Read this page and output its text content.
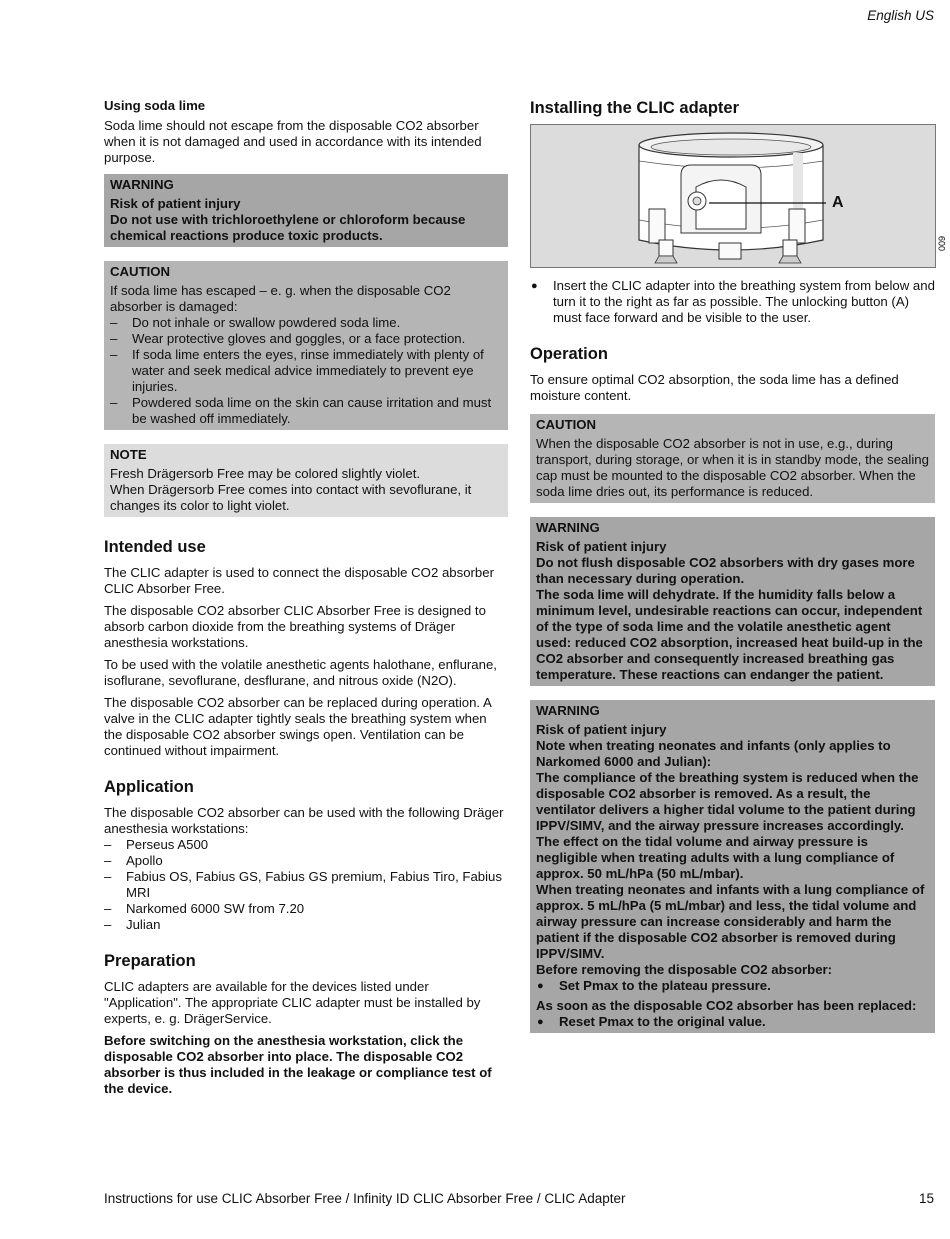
English US
Using soda lime

Soda lime should not escape from the disposable CO2 absorber when it is not damaged and used in accordance with its intended purpose.

WARNING
Risk of patient injury
Do not use with trichloroethylene or chloroform because chemical reactions produce toxic products.
CAUTION
If soda lime has escaped – e. g. when the disposable CO2 absorber is damaged:
– Do not inhale or swallow powdered soda lime.
– Wear protective gloves and goggles, or a face protection.
– If soda lime enters the eyes, rinse immediately with plenty of water and seek medical advice immediately to prevent eye injuries.
– Powdered soda lime on the skin can cause irritation and must be washed off immediately.
NOTE
Fresh Drägersorb Free may be colored slightly violet.
When Drägersorb Free comes into contact with sevoflurane, it changes its color to light violet.
Intended use

The CLIC adapter is used to connect the disposable CO2 absorber CLIC Absorber Free.

The disposable CO2 absorber CLIC Absorber Free is designed to absorb carbon dioxide from the breathing systems of Dräger anesthesia workstations.

To be used with the volatile anesthetic agents halothane, enflurane, isoflurane, sevoflurane, desflurane, and nitrous oxide (N2O).

The disposable CO2 absorber can be replaced during operation. A valve in the CLIC adapter tightly seals the breathing system when the disposable CO2 absorber swings open. Ventilation can be continued without impairment.

Application

The disposable CO2 absorber can be used with the following Dräger anesthesia workstations:

– Perseus A500
– Apollo
– Fabius OS, Fabius GS, Fabius GS premium, Fabius Tiro, Fabius MRI
– Narkomed 6000 SW from 7.20
– Julian
Preparation

CLIC adapters are available for the devices listed under "Application". The appropriate CLIC adapter must be installed by experts, e. g. DrägerService.

Before switching on the anesthesia workstation, click the disposable CO2 absorber into place. The disposable CO2 absorber is thus included in the leakage or compliance test of the device.

Installing the CLIC adapter
A
009
● Insert the CLIC adapter into the breathing system from below and turn it to the right as far as possible. The unlocking button (A) must face forward and be visible to the user.
Operation

To ensure optimal CO2 absorption, the soda lime has a defined moisture content.

CAUTION
When the disposable CO2 absorber is not in use, e.g., during transport, during storage, or when it is in standby mode, the sealing cap must be mounted to the disposable CO2 absorber. When the soda lime dries out, its performance is reduced.
WARNING
Risk of patient injury
Do not flush disposable CO2 absorbers with dry gases more than necessary during operation.
The soda lime will dehydrate. If the humidity falls below a minimum level, undesirable reactions can occur, independent of the type of soda lime and the volatile anesthetic agent used: reduced CO2 absorption, increased heat build-up in the CO2 absorber and consequently increased breathing gas temperature. These reactions can endanger the patient.
WARNING
Risk of patient injury
Note when treating neonates and infants (only applies to Narkomed 6000 and Julian):
The compliance of the breathing system is reduced when the disposable CO2 absorber is removed. As a result, the ventilator delivers a higher tidal volume to the patient during IPPV/SIMV, and the airway pressure increases accordingly. The effect on the tidal volume and airway pressure is negligible when treating adults with a lung compliance of approx. 50 mL/hPa (50 mL/mbar).
When treating neonates and infants with a lung compliance of approx. 5 mL/hPa (5 mL/mbar) and less, the tidal volume and airway pressure can increase considerably and harm the patient if the disposable CO2 absorber is removed during IPPV/SIMV.
Before removing the disposable CO2 absorber:
● Set Pmax to the plateau pressure.
As soon as the disposable CO2 absorber has been replaced:
● Reset Pmax to the original value.
Instructions for use CLIC Absorber Free / Infinity ID CLIC Absorber Free / CLIC Adapter	15
